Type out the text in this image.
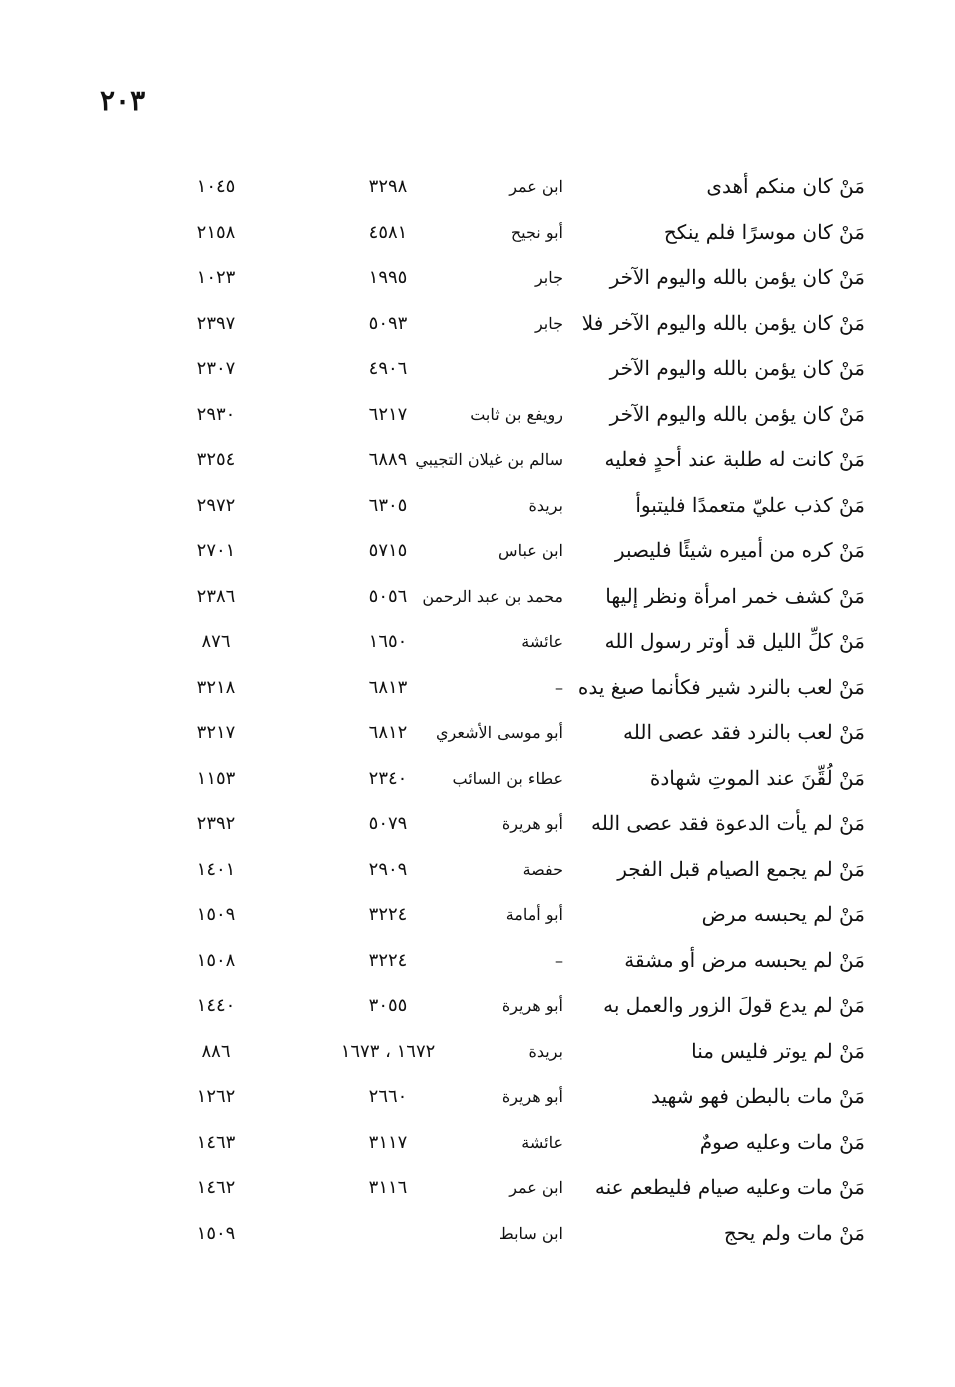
٢٠٣
مَنْ كان منكم أهدى
ابن عمر
٣٢٩٨
١٠٤٥
مَنْ كان موسرًا فلم ينكح
أبو نجيح
٤٥٨١
٢١٥٨
مَنْ كان يؤمن بالله واليوم الآخر
جابر
١٩٩٥
١٠٢٣
مَنْ كان يؤمن بالله واليوم الآخر فلا
جابر
٥٠٩٣
٢٣٩٧
مَنْ كان يؤمن بالله واليوم الآخر
٤٩٠٦
٢٣٠٧
مَنْ كان يؤمن بالله واليوم الآخر
رويفع بن ثابت
٦٢١٧
٢٩٣٠
مَنْ كانت له طلبة عند أحدٍ فعليه
سالم بن غيلان التجيبي
٦٨٨٩
٣٢٥٤
مَنْ كذب عليّ متعمدًا فليتبوأ
بريدة
٦٣٠٥
٢٩٧٢
مَنْ كره من أميره شيئًا فليصبر
ابن عباس
٥٧١٥
٢٧٠١
مَنْ كشف خمر امرأة ونظر إليها
محمد بن عبد الرحمن
٥٠٥٦
٢٣٨٦
مَنْ كلِّ الليل قد أوتر رسول الله
عائشة
١٦٥٠
٨٧٦
مَنْ لعب بالنرد شير فكأنما صبغ يده
–
٦٨١٣
٣٢١٨
مَنْ لعب بالنرد فقد عصى الله
أبو موسى الأشعري
٦٨١٢
٣٢١٧
مَنْ لُقِّنَ عند الموتِ شهادة
عطاء بن السائب
٢٣٤٠
١١٥٣
مَنْ لم يأت الدعوة فقد عصى الله
أبو هريرة
٥٠٧٩
٢٣٩٢
مَنْ لم يجمع الصيام قبل الفجر
حفصة
٢٩٠٩
١٤٠١
مَنْ لم يحبسه مرض
أبو أمامة
٣٢٢٤
١٥٠٩
مَنْ لم يحبسه مرض أو مشقة
–
٣٢٢٤
١٥٠٨
مَنْ لم يدع قولَ الزور والعمل به
أبو هريرة
٣٠٥٥
١٤٤٠
مَنْ لم يوتر فليس منا
بريدة
١٦٧٢ ، ١٦٧٣
٨٨٦
مَنْ مات بالبطن فهو شهيد
أبو هريرة
٢٦٦٠
١٢٦٢
مَنْ مات وعليه صومٌ
عائشة
٣١١٧
١٤٦٣
مَنْ مات وعليه صيام فليطعم عنه
ابن عمر
٣١١٦
١٤٦٢
مَنْ مات ولم يحج
ابن سابط
١٥٠٩
